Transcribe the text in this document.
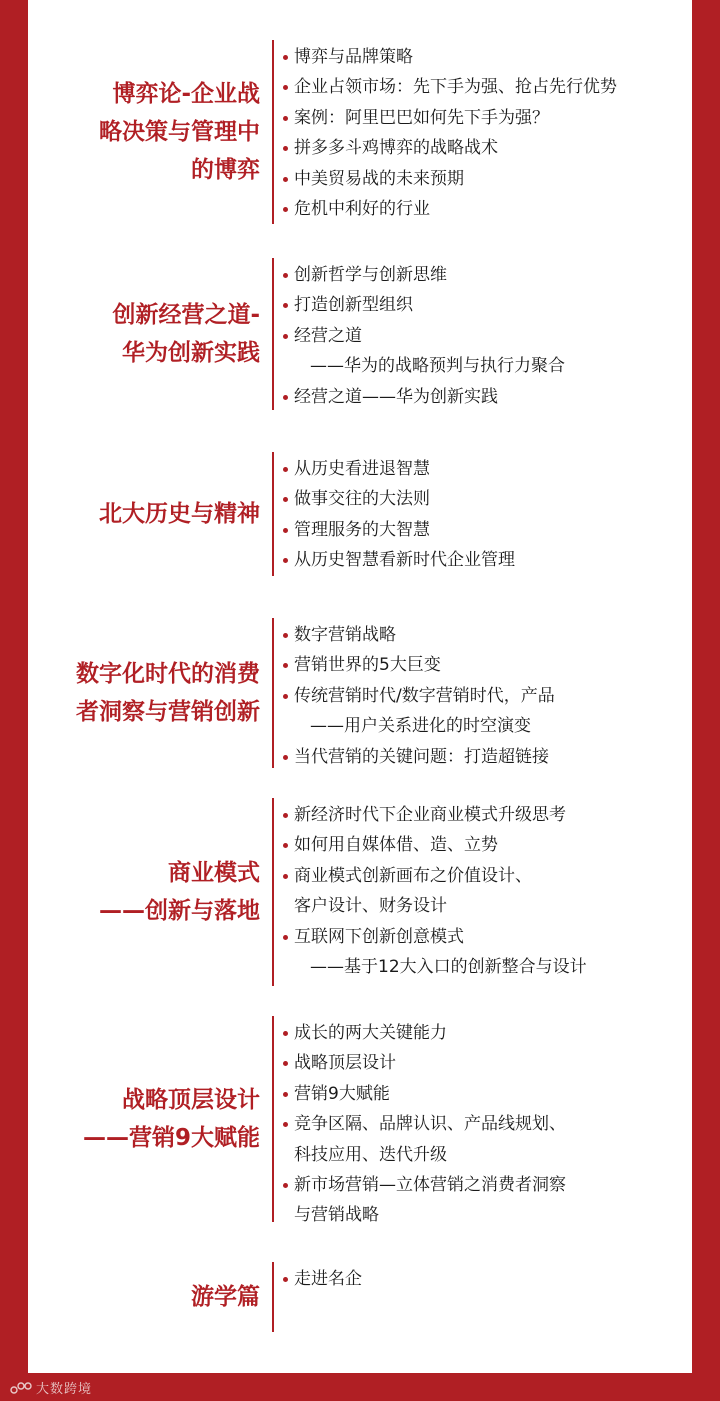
博弈论-企业战
略决策与管理中
的博弈
博弈与品牌策略
企业占领市场：先下手为强、抢占先行优势
案例：阿里巴巴如何先下手为强？
拼多多斗鸡博弈的战略战术
中美贸易战的未来预期
危机中利好的行业
创新经营之道-
华为创新实践
创新哲学与创新思维
打造创新型组织
经营之道
——华为的战略预判与执行力聚合
经营之道——华为创新实践
北大历史与精神
从历史看进退智慧
做事交往的大法则
管理服务的大智慧
从历史智慧看新时代企业管理
数字化时代的消费
者洞察与营销创新
数字营销战略
营销世界的5大巨变
传统营销时代/数字营销时代，产品
——用户关系进化的时空演变
当代营销的关键问题：打造超链接
商业模式
——创新与落地
新经济时代下企业商业模式升级思考
如何用自媒体借、造、立势
商业模式创新画布之价值设计、
客户设计、财务设计
互联网下创新创意模式
——基于12大入口的创新整合与设计
战略顶层设计
——营销9大赋能
成长的两大关键能力
战略顶层设计
营销9大赋能
竞争区隔、品牌认识、产品线规划、
科技应用、迭代升级
新市场营销—立体营销之消费者洞察
与营销战略
游学篇
走进名企
大数跨境
